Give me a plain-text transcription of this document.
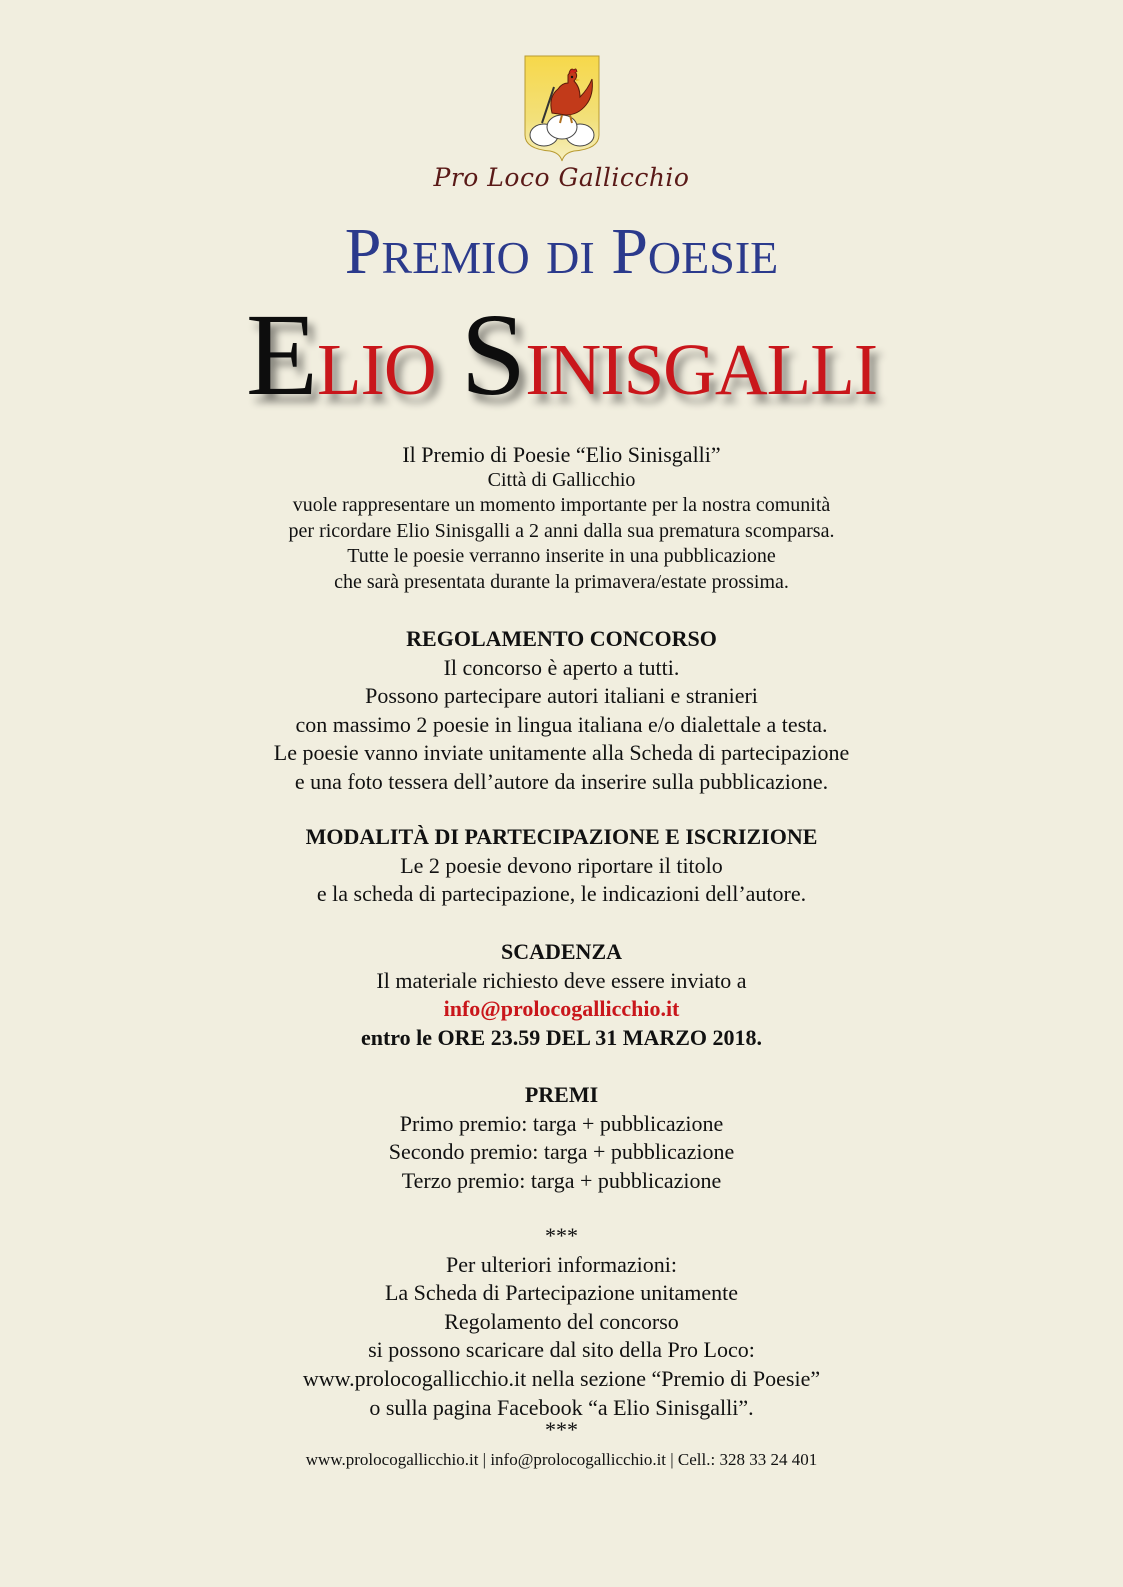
Pro Loco Gallicchio
Premio di Poesie
Elio Sinisgalli
Il Premio di Poesie “Elio Sinisgalli”
Città di Gallicchio
vuole rappresentare un momento importante per la nostra comunità
per ricordare Elio Sinisgalli a 2 anni dalla sua prematura scomparsa.
Tutte le poesie verranno inserite in una pubblicazione
che sarà presentata durante la primavera/estate prossima.
REGOLAMENTO CONCORSO
Il concorso è aperto a tutti.
Possono partecipare autori italiani e stranieri
con massimo 2 poesie in lingua italiana e/o dialettale a testa.
Le poesie vanno inviate unitamente alla Scheda di partecipazione
e una foto tessera dell’autore da inserire sulla pubblicazione.
MODALITÀ DI PARTECIPAZIONE E ISCRIZIONE
Le 2 poesie devono riportare il titolo
e la scheda di partecipazione, le indicazioni dell’autore.
SCADENZA
Il materiale richiesto deve essere inviato a
info@prolocogallicchio.it
entro le ORE 23.59 DEL 31 MARZO 2018.
PREMI
Primo premio: targa + pubblicazione
Secondo premio: targa + pubblicazione
Terzo premio: targa + pubblicazione
***
Per ulteriori informazioni:
La Scheda di Partecipazione unitamente
Regolamento del concorso
si possono scaricare dal sito della Pro Loco:
www.prolocogallicchio.it nella sezione “Premio di Poesie”
o sulla pagina Facebook “a Elio Sinisgalli”.
***
www.prolocogallicchio.it | info@prolocogallicchio.it | Cell.: 328 33 24 401
